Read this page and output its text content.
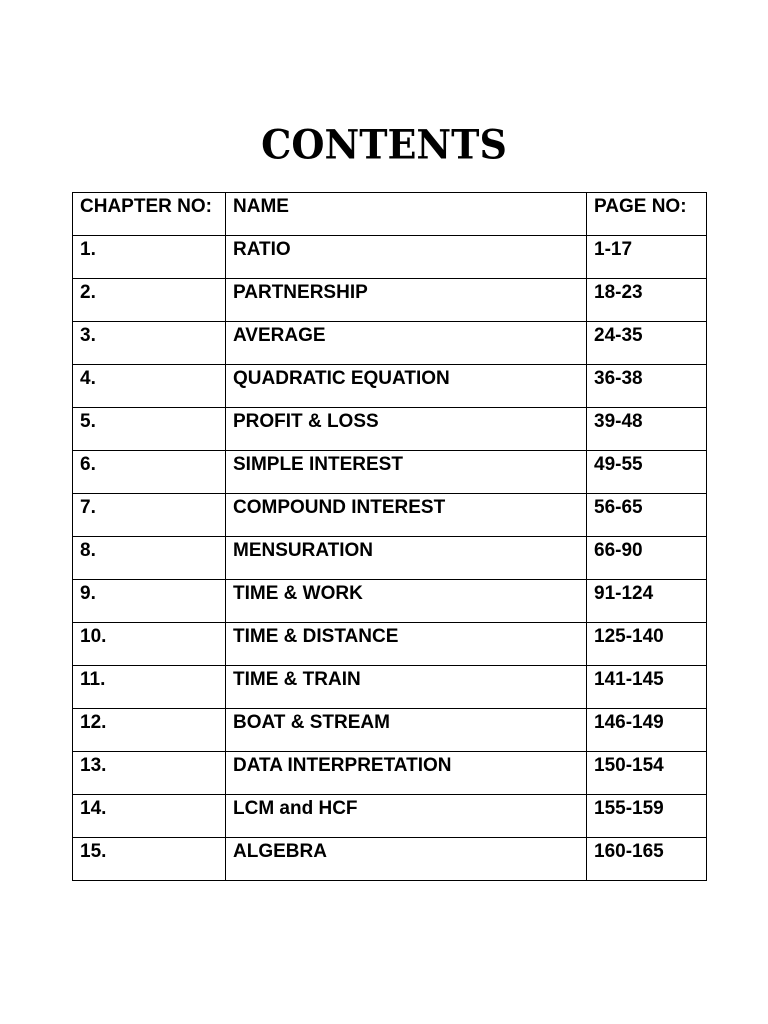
CONTENTS
CHAPTER NO:	NAME	PAGE NO:
1.	RATIO	1-17
2.	PARTNERSHIP	18-23
3.	AVERAGE	24-35
4.	QUADRATIC EQUATION	36-38
5.	PROFIT & LOSS	39-48
6.	SIMPLE INTEREST	49-55
7.	COMPOUND INTEREST	56-65
8.	MENSURATION	66-90
9.	TIME & WORK	91-124
10.	TIME & DISTANCE	125-140
11.	TIME & TRAIN	141-145
12.	BOAT & STREAM	146-149
13.	DATA INTERPRETATION	150-154
14.	LCM and HCF	155-159
15.	ALGEBRA	160-165
